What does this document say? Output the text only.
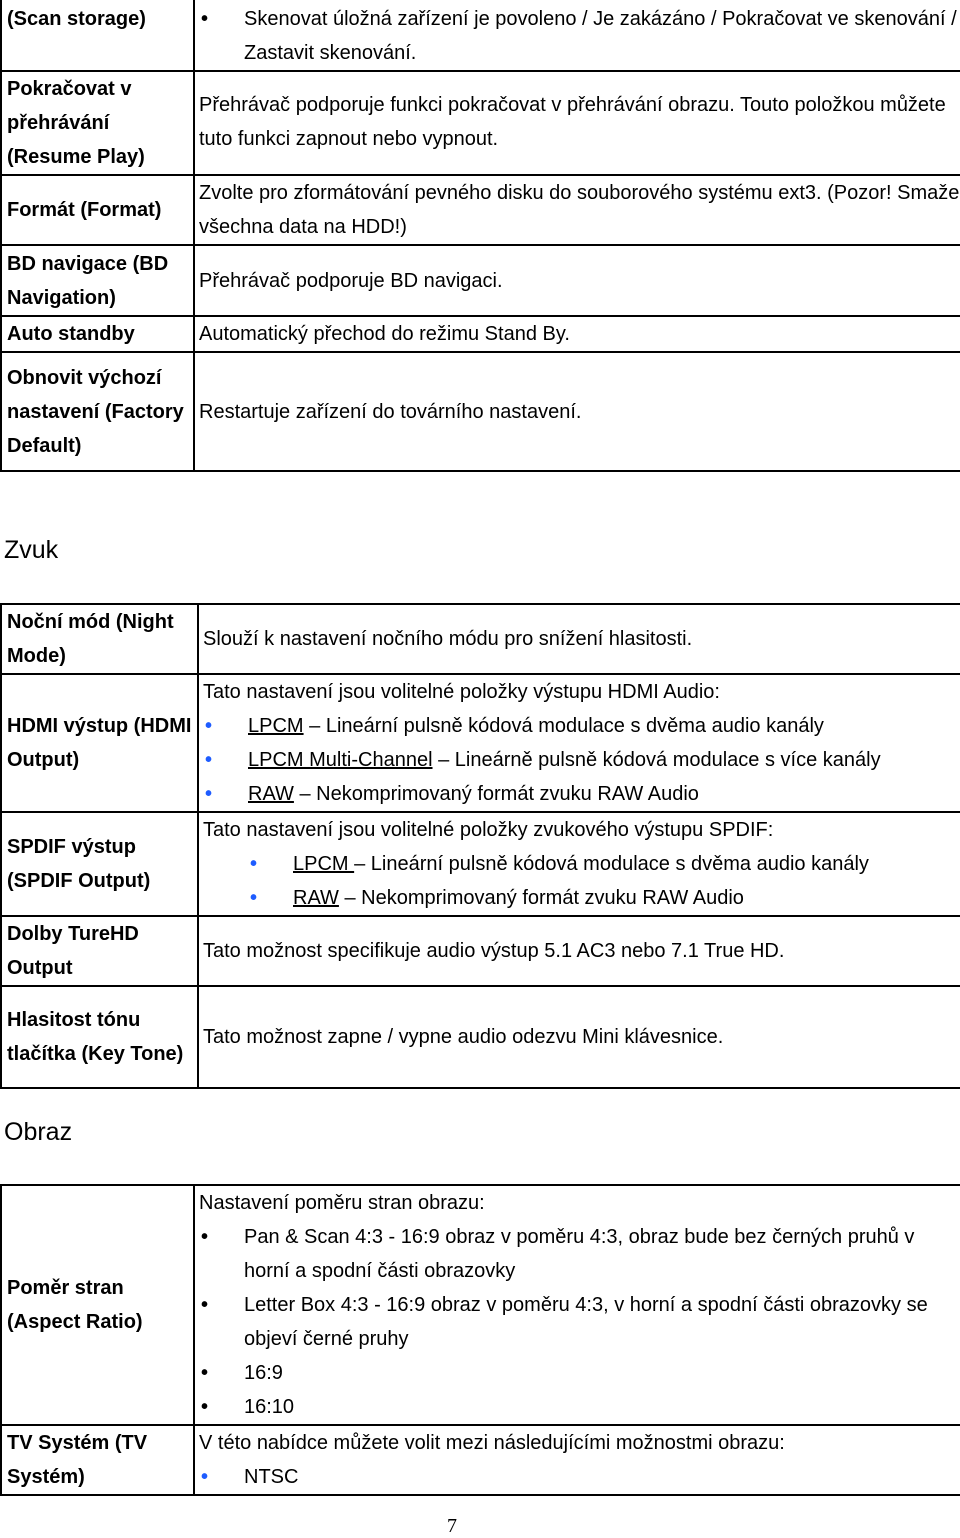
(Scan storage)	• Skenovat úložná zařízení je povoleno / Je zakázáno / Pokračovat ve skenování / Zastavit skenování.

Pokračovat v přehrávání (Resume Play)	Přehrávač podporuje funkci pokračovat v přehrávání obrazu. Touto položkou můžete tuto funkci zapnout nebo vypnout.
Formát (Format)	Zvolte pro zformátování pevného disku do souborového systému ext3. (Pozor! Smaže všechna data na HDD!)
BD navigace (BD Navigation)	Přehrávač podporuje BD navigaci.
Auto standby	Automatický přechod do režimu Stand By.
Obnovit výchozí nastavení (Factory Default)	Restartuje zařízení do továrního nastavení.
Zvuk
Noční mód (Night Mode)	Slouží k nastavení nočního módu pro snížení hlasitosti.
HDMI výstup (HDMI Output)	Tato nastavení jsou volitelné položky výstupu HDMI Audio:
• LPCM – Lineární pulsně kódová modulace s dvěma audio kanály
• LPCM Multi-Channel – Lineárně pulsně kódová modulace s více kanály
• RAW – Nekomprimovaný formát zvuku RAW Audio

SPDIF výstup (SPDIF Output)	Tato nastavení jsou volitelné položky zvukového výstupu SPDIF:
• LPCM – Lineární pulsně kódová modulace s dvěma audio kanály
• RAW – Nekomprimovaný formát zvuku RAW Audio

Dolby TureHD Output	Tato možnost specifikuje audio výstup 5.1 AC3 nebo 7.1 True HD.
Hlasitost tónu tlačítka (Key Tone)	Tato možnost zapne / vypne audio odezvu Mini klávesnice.
Obraz
Poměr stran (Aspect Ratio)	Nastavení poměru stran obrazu:
• Pan & Scan 4:3 - 16:9 obraz v poměru 4:3, obraz bude bez černých pruhů v horní a spodní části obrazovky
• Letter Box 4:3 - 16:9 obraz v poměru 4:3, v horní a spodní části obrazovky se objeví černé pruhy
• 16:9
• 16:10

TV Systém (TV Systém)	V této nabídce můžete volit mezi následujícími možnostmi obrazu:
• NTSC
7
